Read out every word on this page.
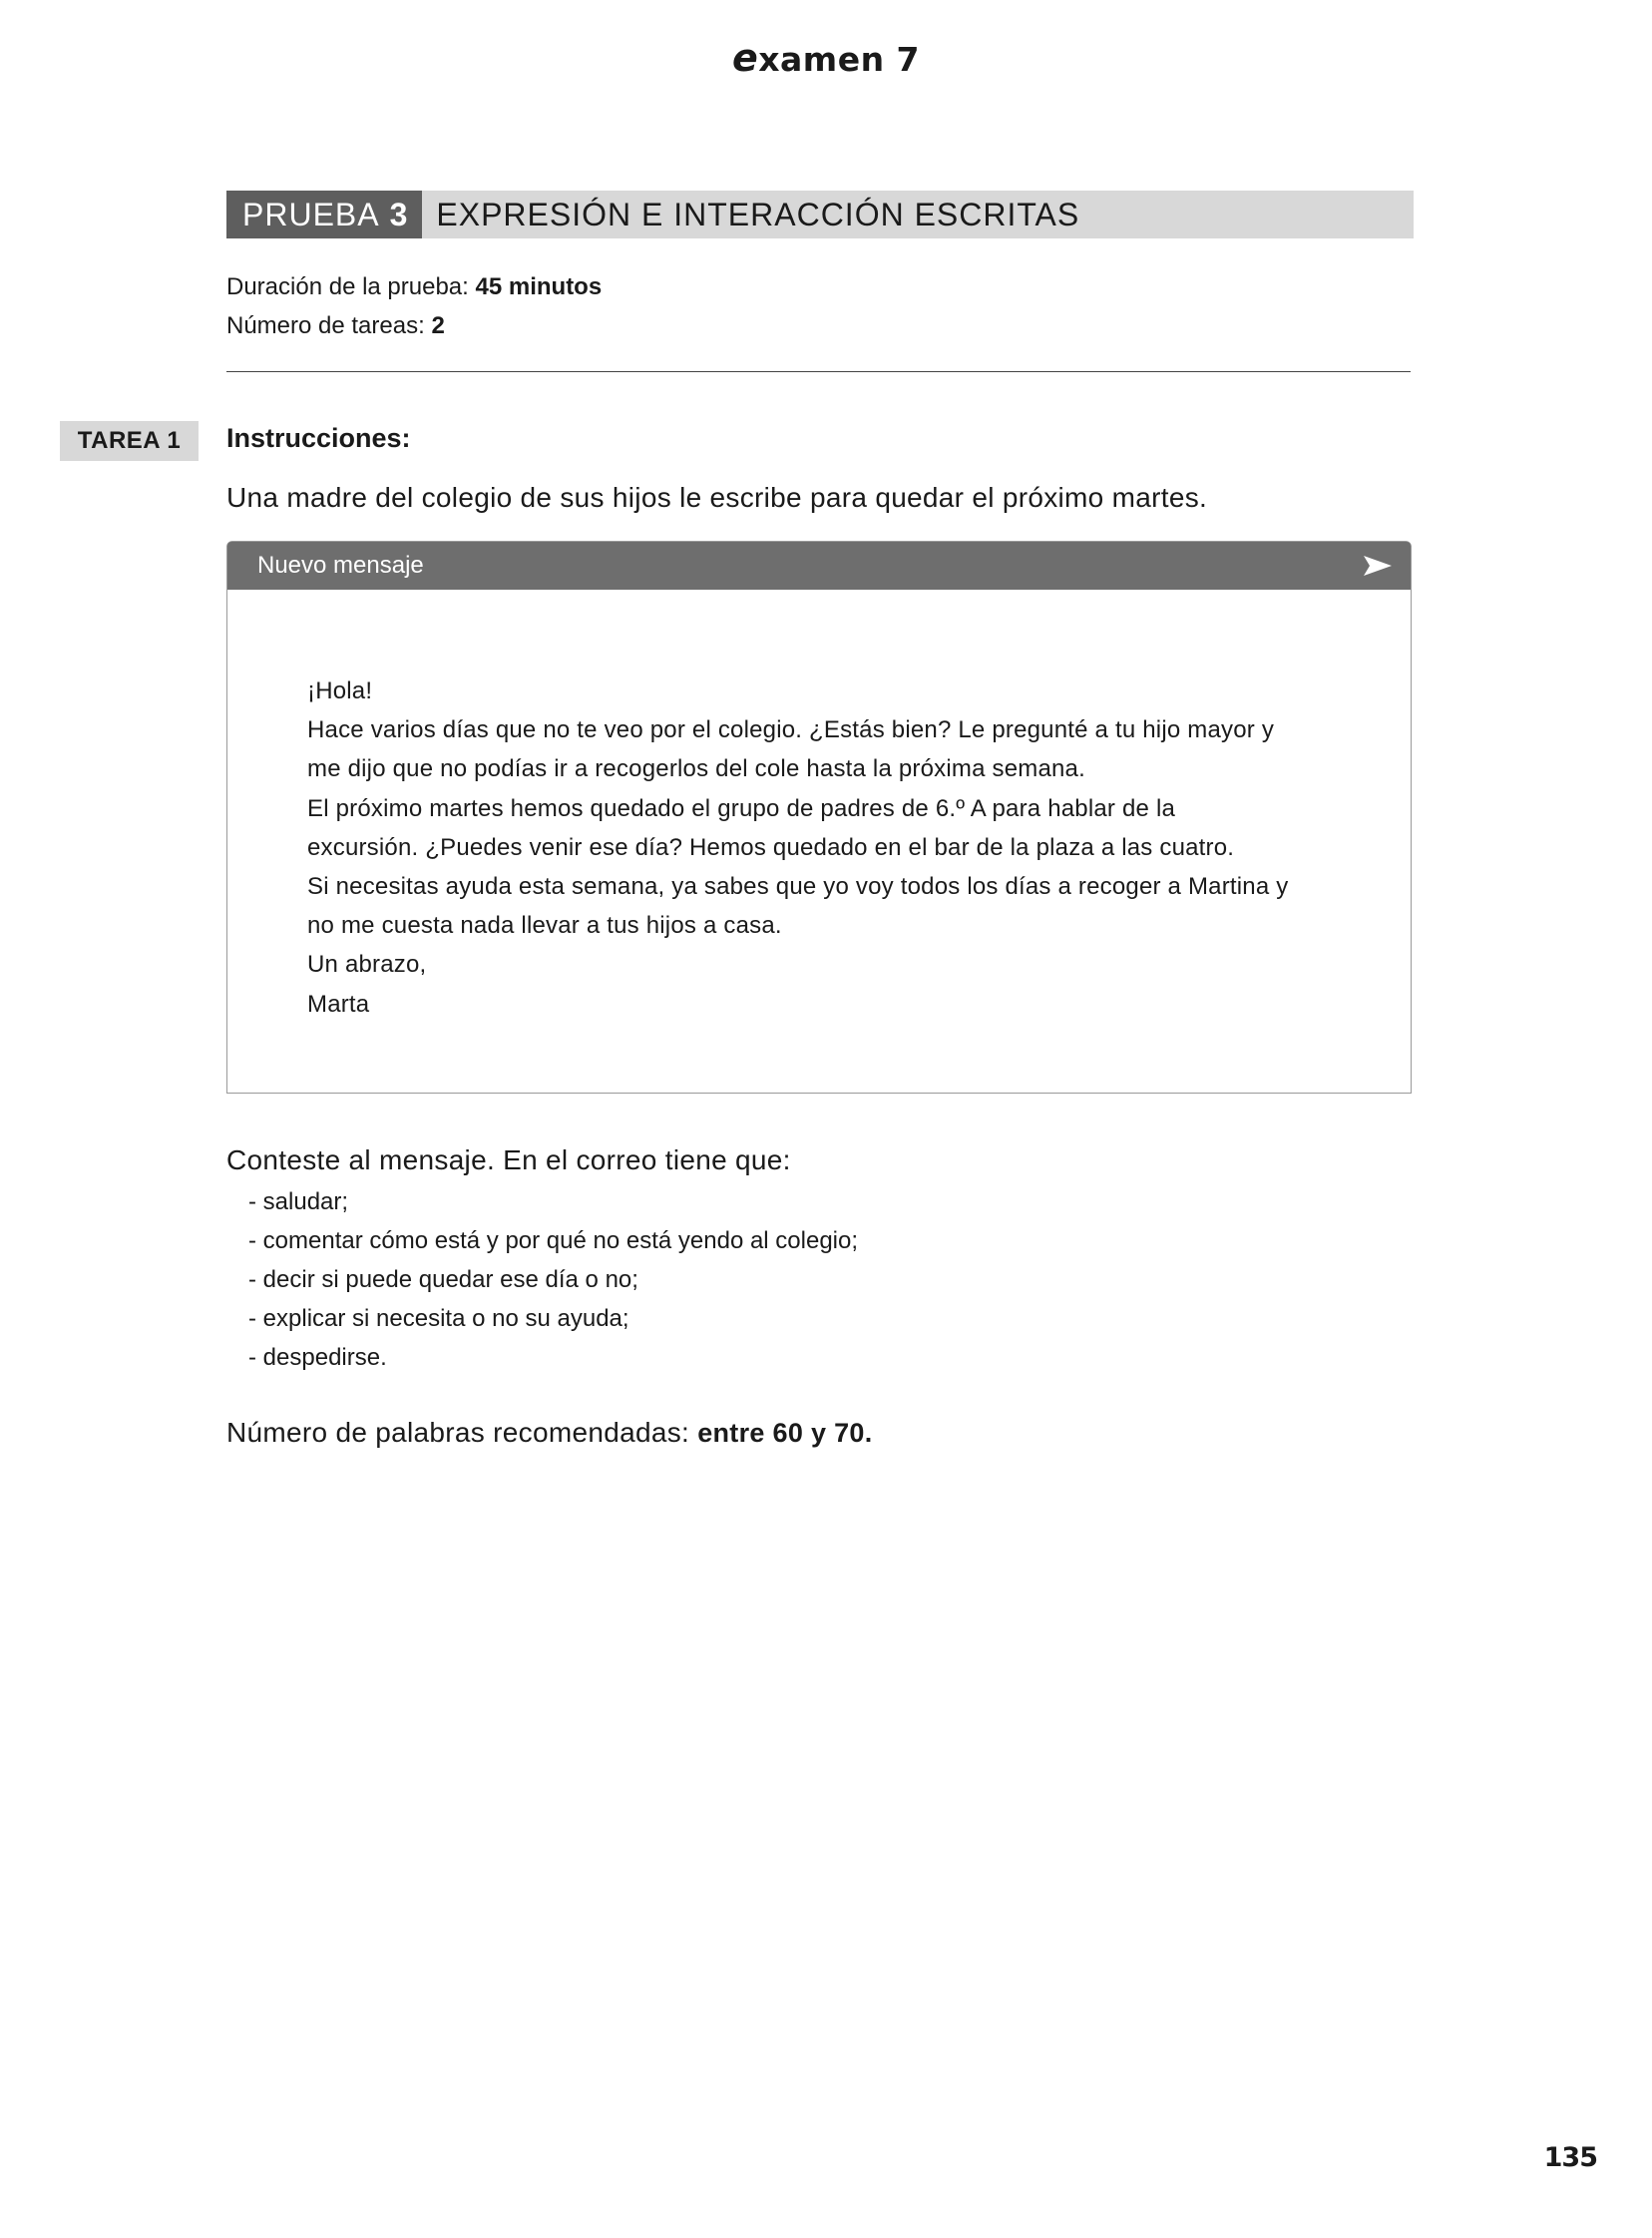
examen 7
PRUEBA 3 EXPRESIÓN E INTERACCIÓN ESCRITAS
Duración de la prueba: 45 minutos
Número de tareas: 2
TAREA 1	Instrucciones:
Una madre del colegio de sus hijos le escribe para quedar el próximo martes.
Nuevo mensaje
¡Hola!
Hace varios días que no te veo por el colegio. ¿Estás bien? Le pregunté a tu hijo mayor y
me dijo que no podías ir a recogerlos del cole hasta la próxima semana.
El próximo martes hemos quedado el grupo de padres de 6.º A para hablar de la
excursión. ¿Puedes venir ese día? Hemos quedado en el bar de la plaza a las cuatro.
Si necesitas ayuda esta semana, ya sabes que yo voy todos los días a recoger a Martina y
no me cuesta nada llevar a tus hijos a casa.
Un abrazo,
Marta
Conteste al mensaje. En el correo tiene que:
- saludar;
- comentar cómo está y por qué no está yendo al colegio;
- decir si puede quedar ese día o no;
- explicar si necesita o no su ayuda;
- despedirse.
Número de palabras recomendadas: entre 60 y 70.
135
